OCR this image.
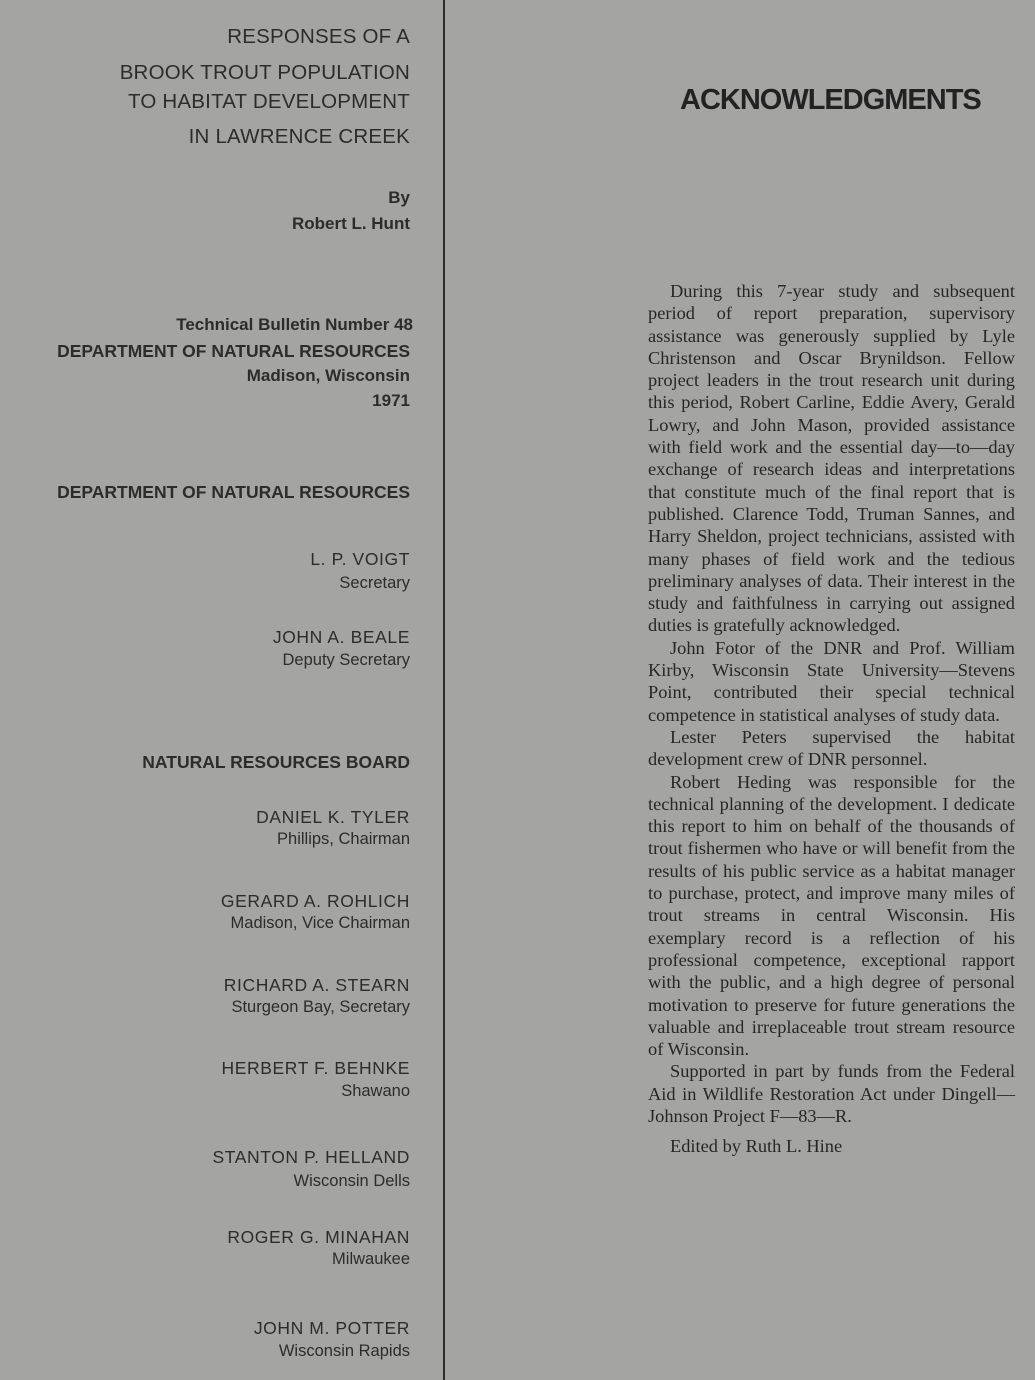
RESPONSES OF A
BROOK TROUT POPULATION
TO HABITAT DEVELOPMENT
IN LAWRENCE CREEK
By
Robert L. Hunt
Technical Bulletin Number 48
DEPARTMENT OF NATURAL RESOURCES
Madison, Wisconsin
1971
DEPARTMENT OF NATURAL RESOURCES
L. P. VOIGT
Secretary
JOHN A. BEALE
Deputy Secretary
NATURAL RESOURCES BOARD
DANIEL K. TYLER
Phillips, Chairman
GERARD A. ROHLICH
Madison, Vice Chairman
RICHARD A. STEARN
Sturgeon Bay, Secretary
HERBERT F. BEHNKE
Shawano
STANTON P. HELLAND
Wisconsin Dells
ROGER G. MINAHAN
Milwaukee
JOHN M. POTTER
Wisconsin Rapids
ACKNOWLEDGMENTS

During this 7-year study and subsequent period of report preparation, supervisory assistance was generously supplied by Lyle Christenson and Oscar Brynildson. Fellow project leaders in the trout research unit during this period, Robert Carline, Eddie Avery, Gerald Lowry, and John Mason, provided assistance with field work and the essential day—to—day exchange of research ideas and interpretations that constitute much of the final report that is published. Clarence Todd, Truman Sannes, and Harry Sheldon, project technicians, assisted with many phases of field work and the tedious preliminary analyses of data. Their interest in the study and faithfulness in carrying out assigned duties is gratefully acknowledged.

John Fotor of the DNR and Prof. William Kirby, Wisconsin State University—Stevens Point, contributed their special technical competence in statistical analyses of study data.

Lester Peters supervised the habitat development crew of DNR personnel.

Robert Heding was responsible for the technical planning of the development. I dedicate this report to him on behalf of the thousands of trout fishermen who have or will benefit from the results of his public service as a habitat manager to purchase, protect, and improve many miles of trout streams in central Wisconsin. His exemplary record is a reflection of his professional competence, exceptional rapport with the public, and a high degree of personal motivation to preserve for future generations the valuable and irreplaceable trout stream resource of Wisconsin.

Supported in part by funds from the Federal Aid in Wildlife Restoration Act under Dingell—Johnson Project F—83—R.

Edited by Ruth L. Hine
